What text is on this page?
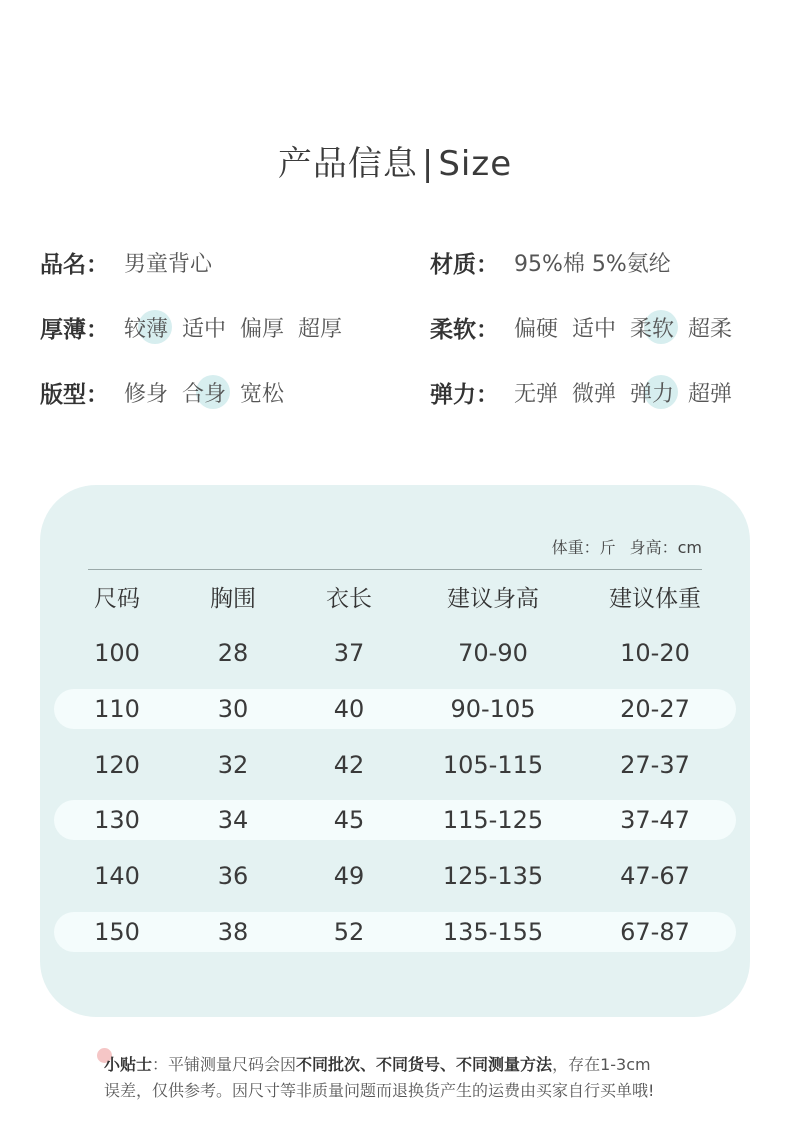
产品信息 | Size
品名： 男童背心	材质： 95%棉 5%氨纶
厚薄： 较薄 适中 偏厚 超厚	柔软： 偏硬 适中 柔软 超柔
版型： 修身 合身 宽松	弹力： 无弹 微弹 弹力 超弹
体重：斤 身高：cm
尺码	胸围	衣长	建议身高	建议体重
100	28	37	70-90	10-20
110	30	40	90-105	20-27
120	32	42	105-115	27-37
130	34	45	115-125	37-47
140	36	49	125-135	47-67
150	38	52	135-155	67-87
小贴士：平铺测量尺码会因不同批次、不同货号、不同测量方法，存在1-3cm
误差，仅供参考。因尺寸等非质量问题而退换货产生的运费由买家自行买单哦!
